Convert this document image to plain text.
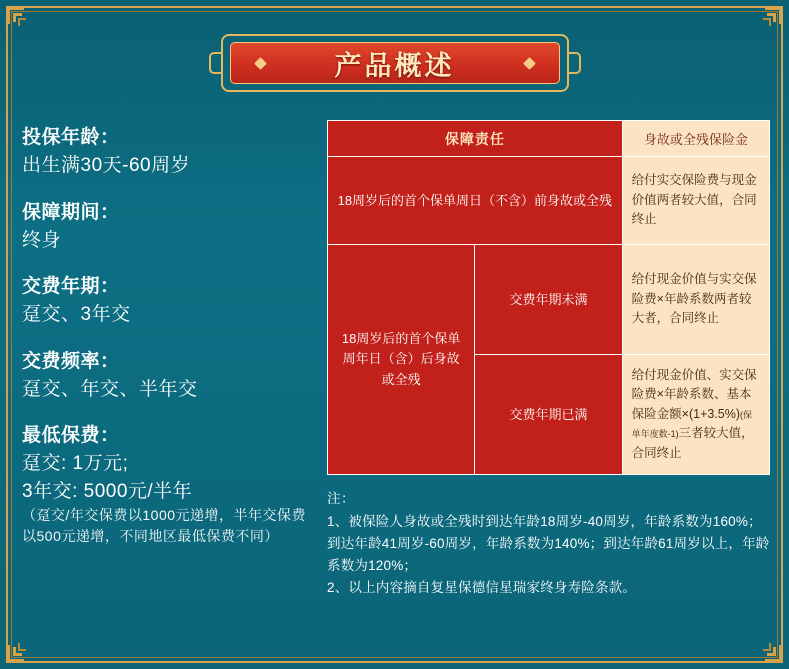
产品概述
投保年龄：
出生满30天-60周岁
保障期间：
终身
交费年期：
趸交、3年交
交费频率：
趸交、年交、半年交
最低保费：
趸交: 1万元;
3年交: 5000元/半年
（趸交/年交保费以1000元递增，半年交保费以500元递增，不同地区最低保费不同）
保障责任		身故或全残保险金
18周岁后的首个保单周日（不含）前身故或全残		给付实交保险费与现金价值两者较大值，合同终止
18周岁后的首个保单周年日（含）后身故或全残	交费年期未满	给付现金价值与实交保险费×年龄系数两者较大者，合同终止
	交费年期已满	给付现金价值、实交保险费×年龄系数、基本保险金额×(1+3.5%)(保单年度数-1)三者较大值，合同终止
注：
1、被保险人身故或全残时到达年龄18周岁-40周岁，年龄系数为160%；到达年龄41周岁-60周岁，年龄系数为140%；到达年龄61周岁以上，年龄系数为120%；
2、以上内容摘自复星保德信星瑞家终身寿险条款。
